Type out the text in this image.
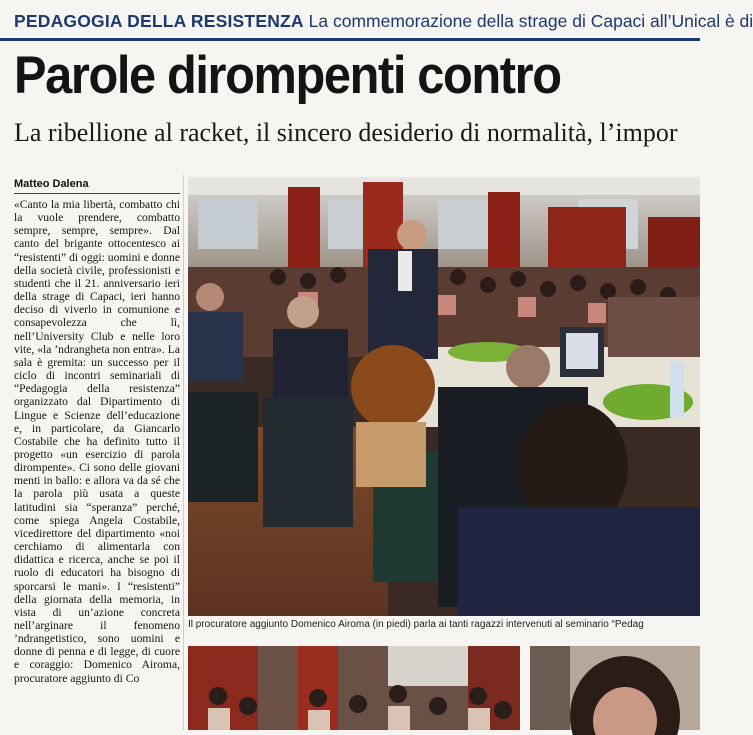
PEDAGOGIA DELLA RESISTENZA La commemorazione della strage di Capaci all’Unical è di
Parole dirompenti contro
La ribellione al racket, il sincero desiderio di normalità, l’impor
Matteo Dalena
«Canto la mia libertà, combatto chi la vuole prendere, combatto sempre, sempre, sempre». Dal canto del brigante ottocentesco ai “resistenti” di oggi: uomini e donne della società civile, professionisti e studenti che il 21. anniversario ieri della strage di Capaci, ieri hanno deciso di viverlo in comunione e consapevolezza che lì, nell’University Club e nelle loro vite, «la ’ndrangheta non entra». La sala è gremita: un successo per il ciclo di incontri seminariali di “Pedagogia della resistenza” organizzato dal Dipartimento di Lingue e Scienze dell’educazione e, in particolare, da Giancarlo Costabile che ha definito tutto il progetto «un esercizio di parola dirompente». Ci sono delle giovani menti in ballo: e allora va da sé che la parola più usata a queste latitudini sia “speranza” perché, come spiega Angela Costabile, vicedirettore del dipartimento «noi cerchiamo di alimentarla con didattica e ricerca, anche se poi il ruolo di educatori ha bisogno di sporcarsi le mani». I “resistenti” della giornata della memoria, in vista di un’azione concreta nell’arginare il fenomeno ’ndrangetistico, sono uomini e donne di penna e di legge, di cuore e coraggio: Domenico Airoma, procuratore aggiunto di Co
Il procuratore aggiunto Domenico Airoma (in piedi) parla ai tanti ragazzi intervenuti al seminario “Pedag
